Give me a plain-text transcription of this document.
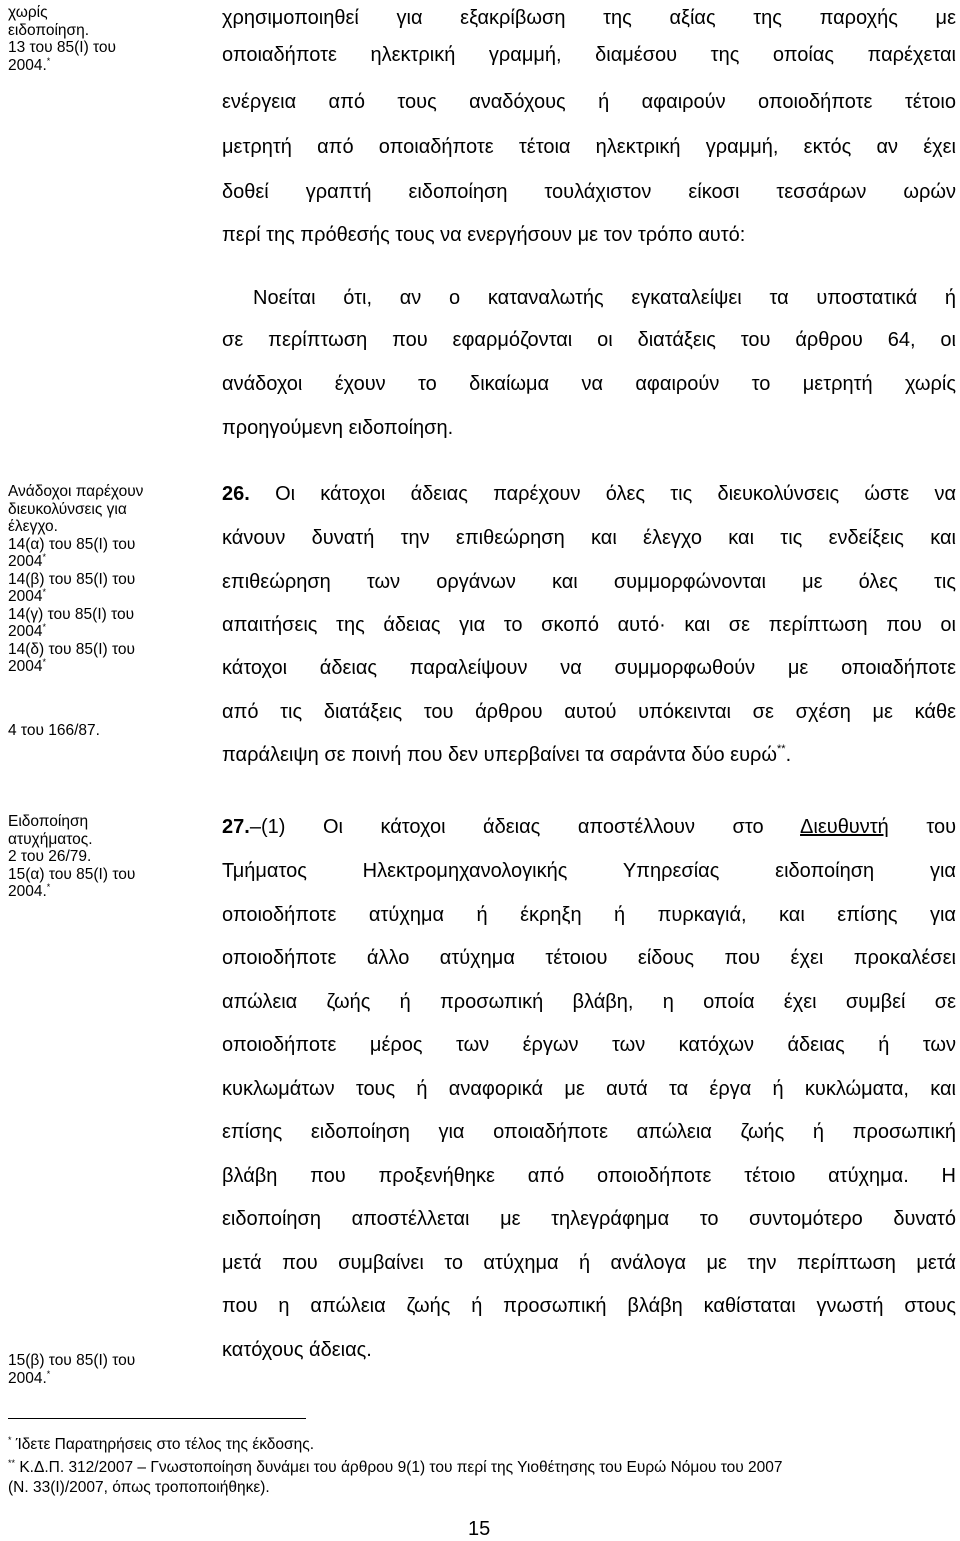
χωρίς
ειδοποίηση.
13 του 85(Ι) του
2004.*
χρησιμοποιηθεί για εξακρίβωση της αξίας της παροχής με
οποιαδήποτε ηλεκτρική γραμμή, διαμέσου της οποίας παρέχεται
ενέργεια από τους αναδόχους ή αφαιρούν οποιοδήποτε τέτοιο
μετρητή από οποιαδήποτε τέτοια ηλεκτρική γραμμή, εκτός αν έχει
δοθεί γραπτή ειδοποίηση τουλάχιστον είκοσι τεσσάρων ωρών
περί της πρόθεσής τους να ενεργήσουν με τον τρόπο αυτό:
Νοείται ότι, αν ο καταναλωτής εγκαταλείψει τα υποστατικά ή
σε περίπτωση που εφαρμόζονται οι διατάξεις του άρθρου 64, οι
ανάδοχοι έχουν το δικαίωμα να αφαιρούν το μετρητή χωρίς
προηγούμενη ειδοποίηση.
Ανάδοχοι παρέχουν
διευκολύνσεις για
έλεγχο.
14(α) του 85(Ι) του
2004*
14(β) του 85(Ι) του
2004*
14(γ) του 85(Ι) του
2004*
14(δ) του 85(Ι) του
2004*
4 του 166/87.
26. Οι κάτοχοι άδειας παρέχουν όλες τις διευκολύνσεις ώστε να
κάνουν δυνατή την επιθεώρηση και έλεγχο και τις ενδείξεις και
επιθεώρηση των οργάνων και συμμορφώνονται με όλες τις
απαιτήσεις της άδειας για το σκοπό αυτό· και σε περίπτωση που οι
κάτοχοι άδειας παραλείψουν να συμμορφωθούν με οποιαδήποτε
από τις διατάξεις του άρθρου αυτού υπόκεινται σε σχέση με κάθε
παράλειψη σε ποινή που δεν υπερβαίνει τα σαράντα δύο ευρώ**.
Ειδοποίηση
ατυχήματος.
2 του 26/79.
15(α) του 85(Ι) του
2004.*
27.–(1) Οι κάτοχοι άδειας αποστέλλουν στο Διευθυντή του
Τμήματος Ηλεκτρομηχανολογικής Υπηρεσίας ειδοποίηση για
οποιοδήποτε ατύχημα ή έκρηξη ή πυρκαγιά, και επίσης για
οποιοδήποτε άλλο ατύχημα τέτοιου είδους που έχει προκαλέσει
απώλεια ζωής ή προσωπική βλάβη, η οποία έχει συμβεί σε
οποιοδήποτε μέρος των έργων των κατόχων άδειας ή των
κυκλωμάτων τους ή αναφορικά με αυτά τα έργα ή κυκλώματα, και
επίσης ειδοποίηση για οποιαδήποτε απώλεια ζωής ή προσωπική
βλάβη που προξενήθηκε από οποιοδήποτε τέτοιο ατύχημα. Η
ειδοποίηση αποστέλλεται με τηλεγράφημα το συντομότερο δυνατό
μετά που συμβαίνει το ατύχημα ή ανάλογα με την περίπτωση μετά
που η απώλεια ζωής ή προσωπική βλάβη καθίσταται γνωστή στους
κατόχους άδειας.
15(β) του 85(Ι) του
2004.*
* Ίδετε Παρατηρήσεις στο τέλος της έκδοσης.
** Κ.Δ.Π. 312/2007 – Γνωστοποίηση δυνάμει του άρθρου 9(1) του περί της Υιοθέτησης του Ευρώ Νόμου του 2007
(Ν. 33(Ι)/2007, όπως τροποποιήθηκε).
15
